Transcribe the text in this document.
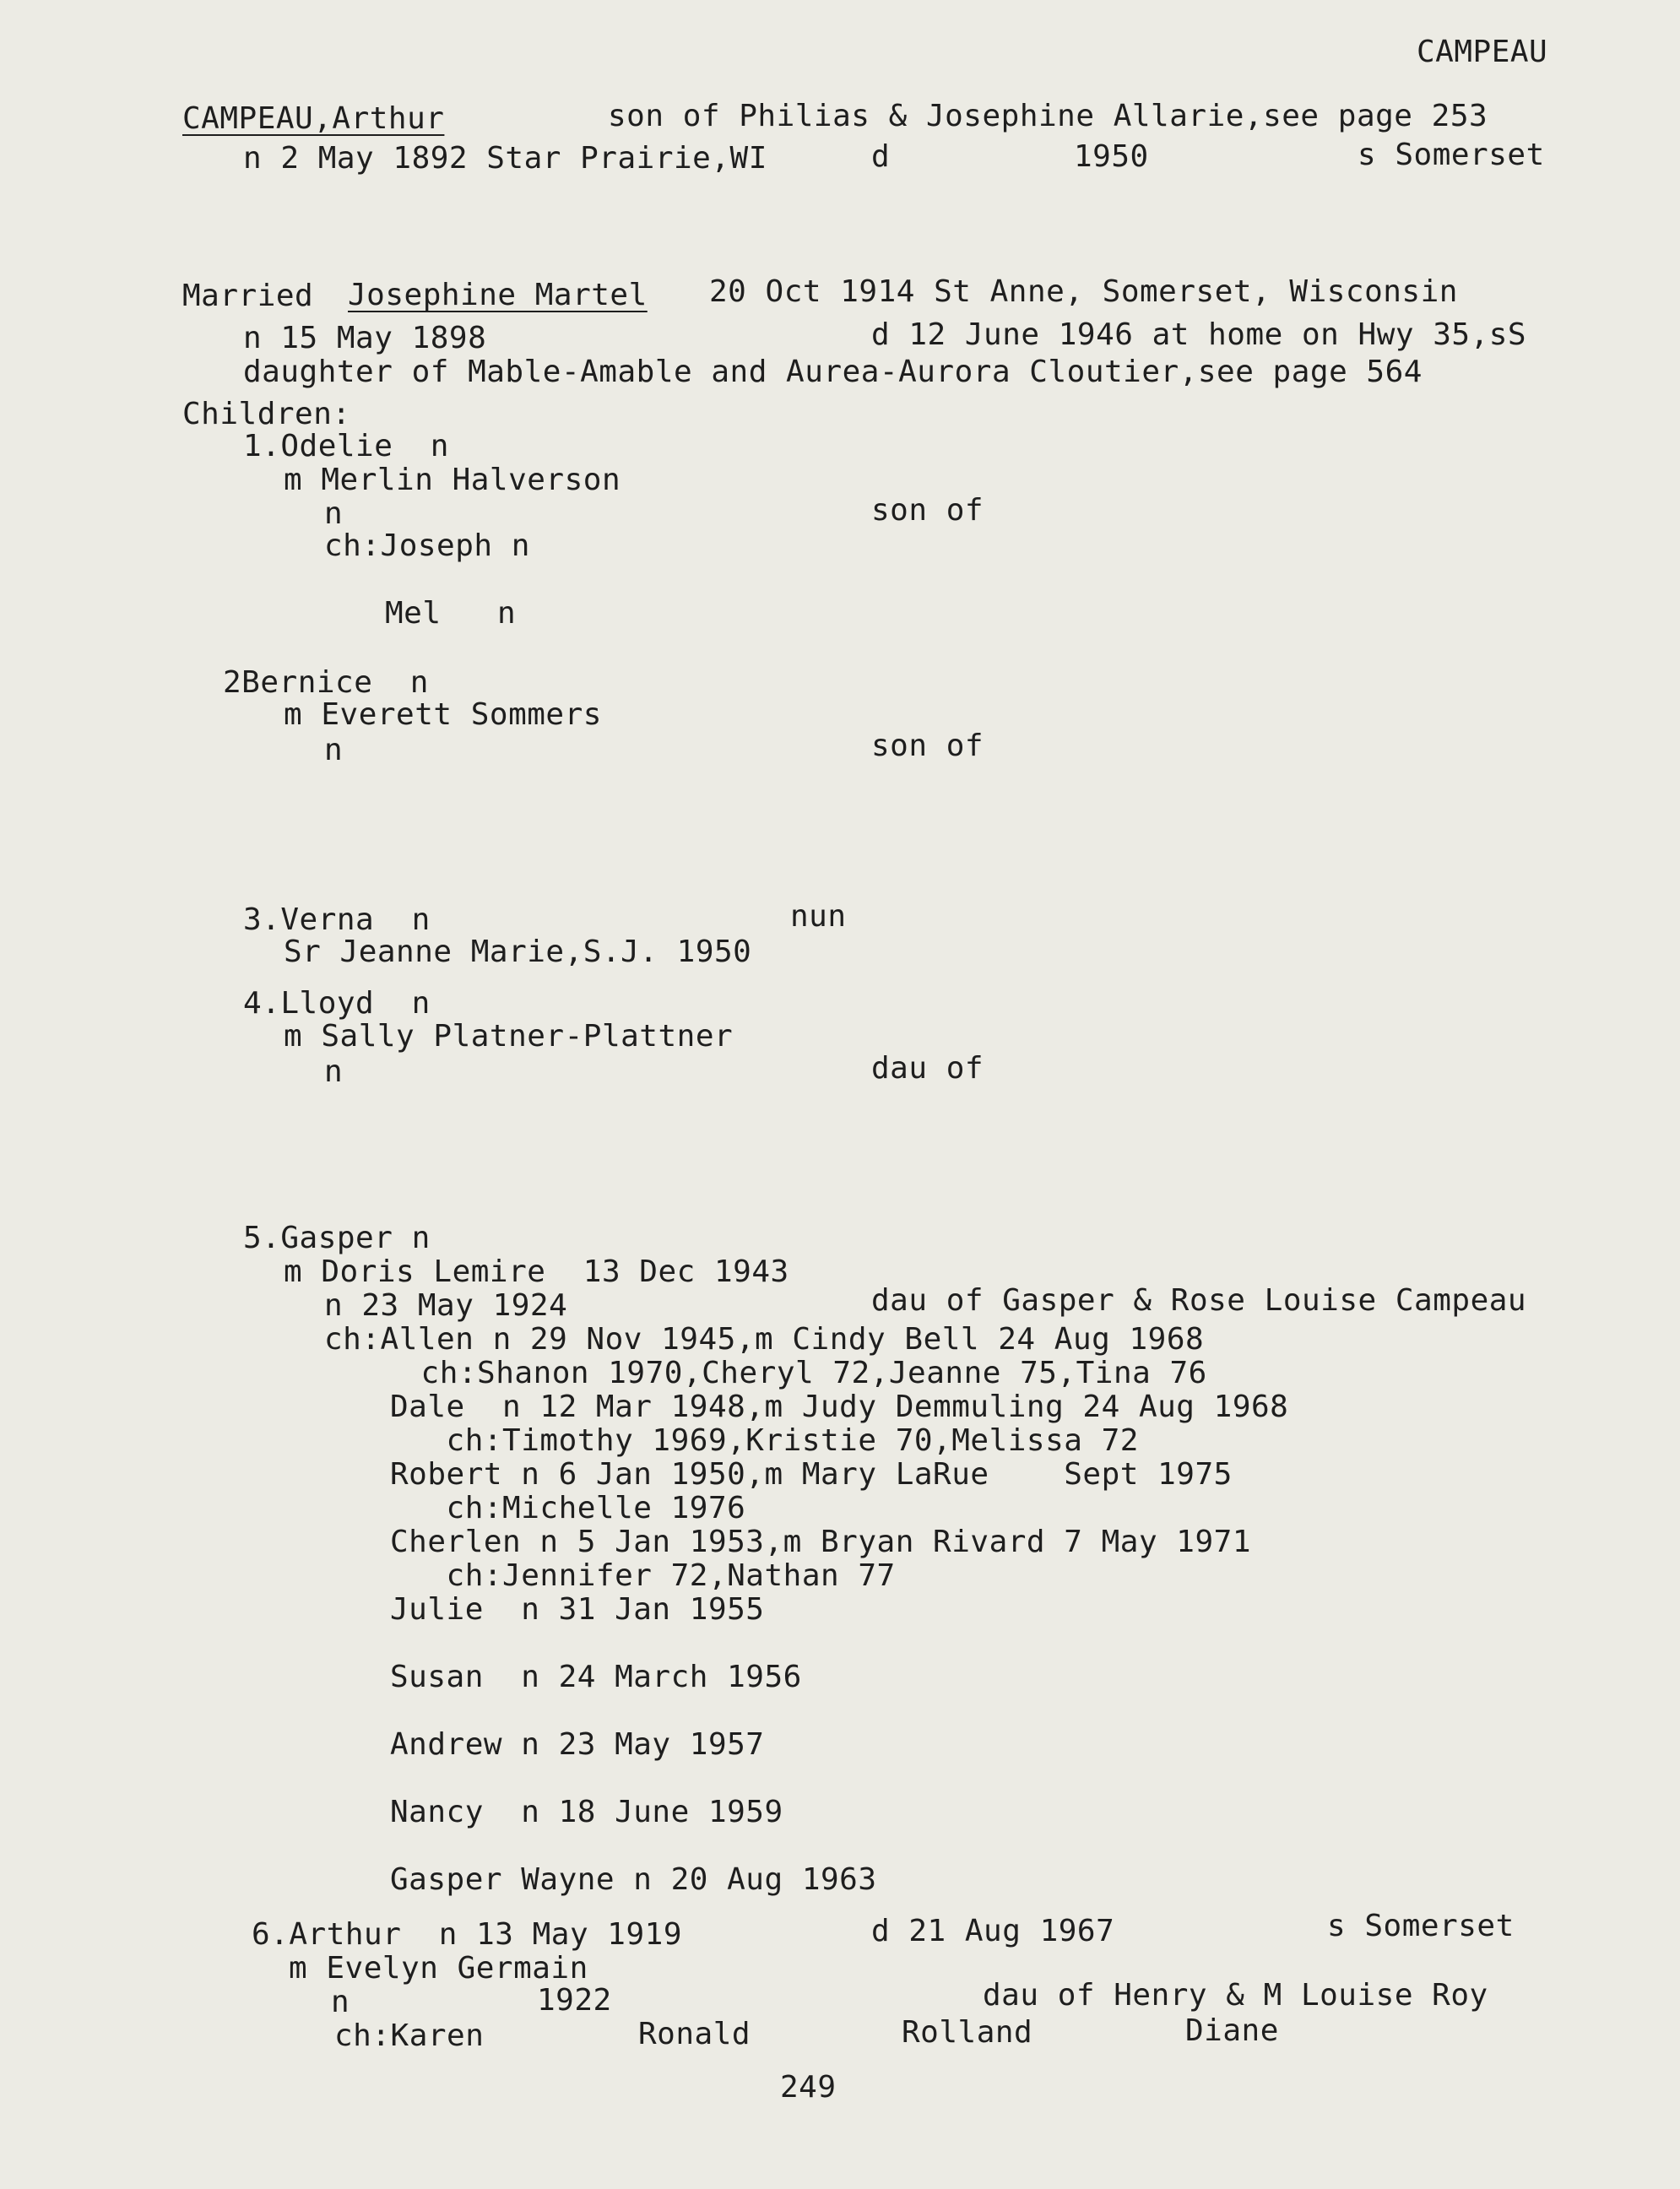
CAMPEAU
CAMPEAU,Arthur	son of Philias & Josephine Allarie,see page 253
n 2 May 1892 Star Prairie,WI	d	1950	s Somerset
Married Josephine Martel 20 Oct 1914 St Anne, Somerset, Wisconsin
n 15 May 1898	d 12 June 1946 at home on Hwy 35,sS
daughter of Mable-Amable and Aurea-Aurora Cloutier,see page 564
Children:
1.Odelie  n
m Merlin Halverson
n	son of
ch:Joseph n
Mel   n
2Bernice  n
m Everett Sommers
n	son of
3.Verna  n	nun
Sr Jeanne Marie,S.J. 1950
4.Lloyd  n
m Sally Platner-Plattner
n	dau of
5.Gasper n
m Doris Lemire  13 Dec 1943
n 23 May 1924	dau of Gasper & Rose Louise Campeau
ch:Allen n 29 Nov 1945,m Cindy Bell 24 Aug 1968
ch:Shanon 1970,Cheryl 72,Jeanne 75,Tina 76
Dale  n 12 Mar 1948,m Judy Demmuling 24 Aug 1968
ch:Timothy 1969,Kristie 70,Melissa 72
Robert n 6 Jan 1950,m Mary LaRue    Sept 1975
ch:Michelle 1976
Cherlen n 5 Jan 1953,m Bryan Rivard 7 May 1971
ch:Jennifer 72,Nathan 77
Julie  n 31 Jan 1955
Susan  n 24 March 1956
Andrew n 23 May 1957
Nancy  n 18 June 1959
Gasper Wayne n 20 Aug 1963
6.Arthur  n 13 May 1919	d 21 Aug 1967	s Somerset
m Evelyn Germain
n	1922	dau of Henry & M Louise Roy
ch:Karen	Ronald	Rolland	Diane
249
